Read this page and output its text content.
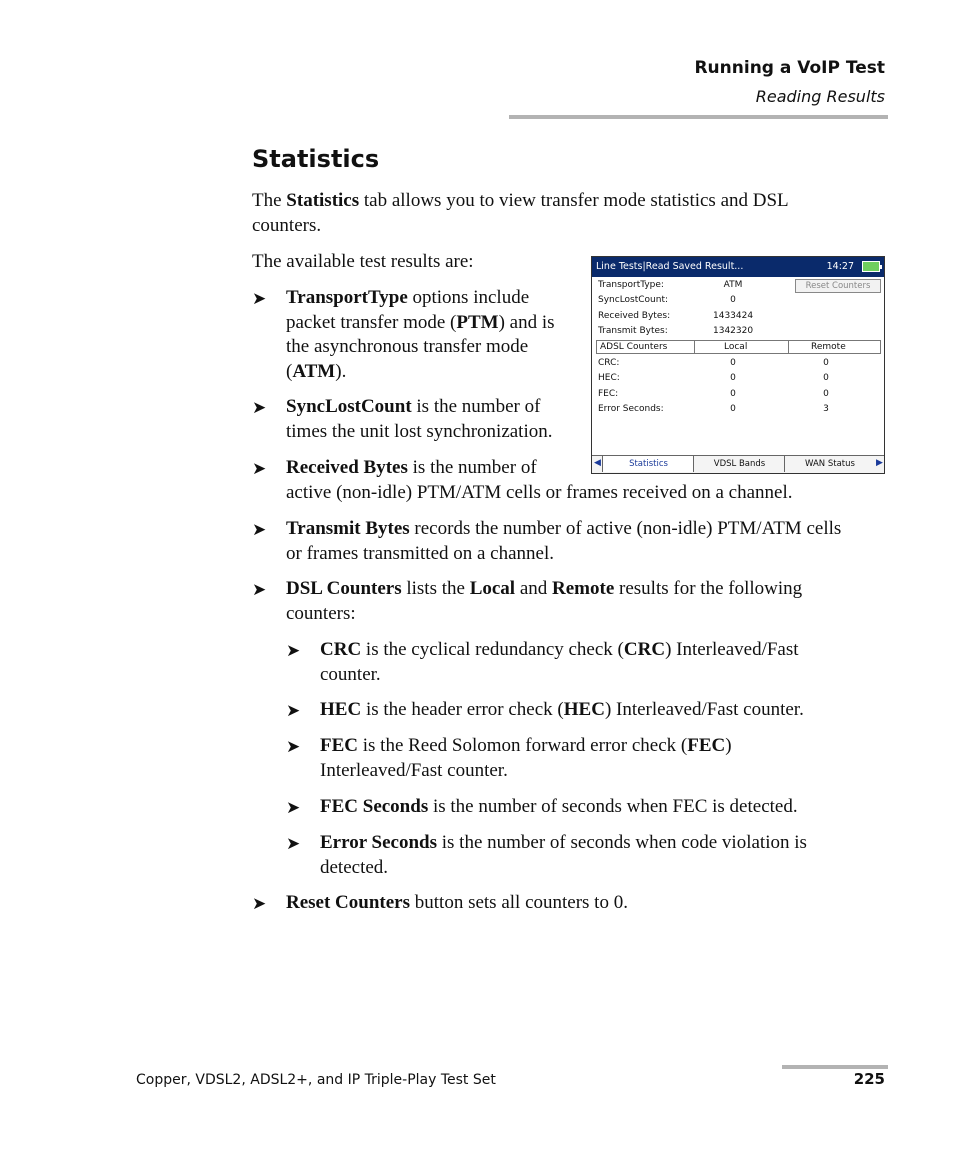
Running a VoIP Test
Reading Results
Statistics
The Statistics tab allows you to view transfer mode statistics and DSL
counters.
The available test results are:
➤ TransportType options include
packet transfer mode (PTM) and is
the asynchronous transfer mode
(ATM).
➤ SyncLostCount is the number of
times the unit lost synchronization.
➤ Received Bytes is the number of
active (non-idle) PTM/ATM cells or frames received on a channel.
➤ Transmit Bytes records the number of active (non-idle) PTM/ATM cells
or frames transmitted on a channel.
➤ DSL Counters lists the Local and Remote results for the following
counters:
➤ CRC is the cyclical redundancy check (CRC) Interleaved/Fast
counter.
➤ HEC is the header error check (HEC) Interleaved/Fast counter.
➤ FEC is the Reed Solomon forward error check (FEC)
Interleaved/Fast counter.
➤ FEC Seconds is the number of seconds when FEC is detected.
➤ Error Seconds is the number of seconds when code violation is
detected.
➤ Reset Counters button sets all counters to 0.
Line Tests|Read Saved Result...	14:27
Reset Counters
TransportType:	ATM
SyncLostCount:	0
Received Bytes:	1433424
Transmit Bytes:	1342320
ADSL Counters	Local	Remote
CRC:	0	0
HEC:	0	0
FEC:	0	0
Error Seconds:	0	3
◀	Statistics	VDSL Bands	WAN Status	▶
Copper, VDSL2, ADSL2+, and IP Triple-Play Test Set	225
